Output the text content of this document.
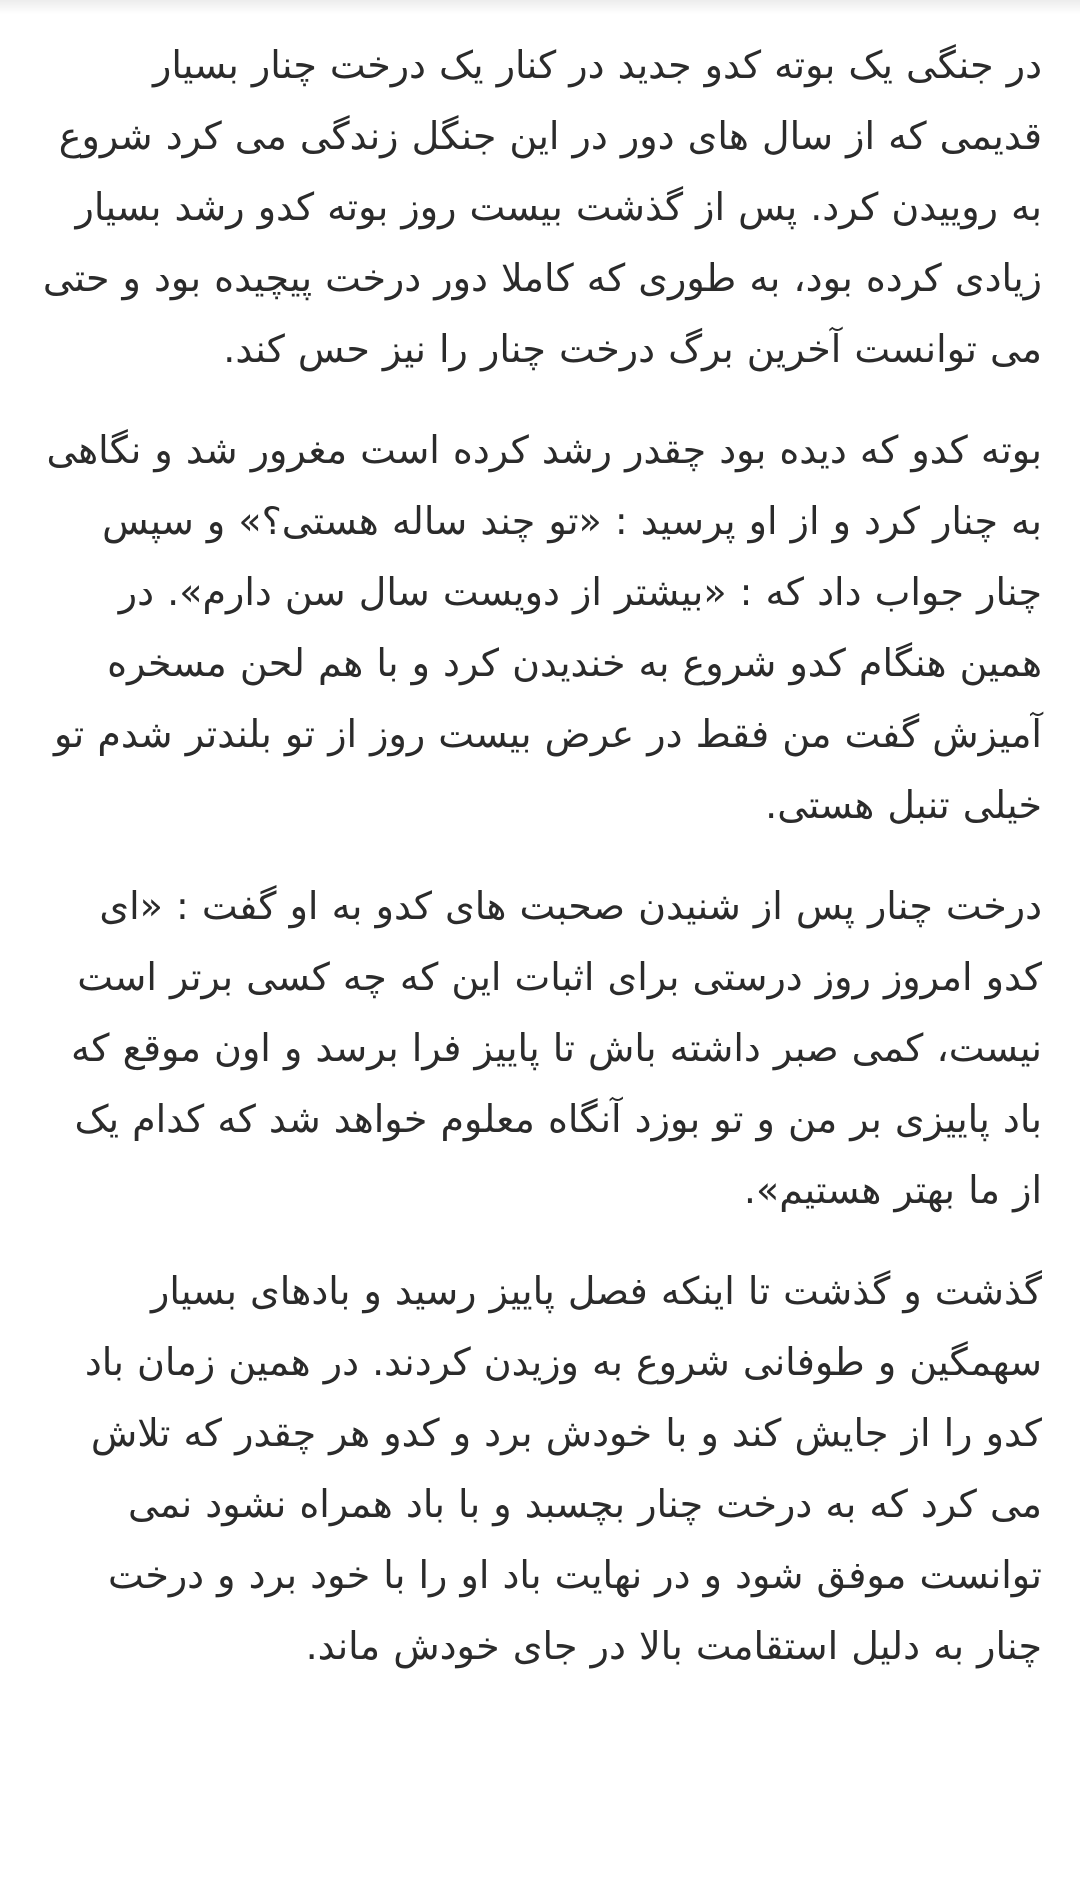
در جنگی یک بوته کدو جدید در کنار یک درخت چنار بسیار قدیمی که از سال های دور در این جنگل زندگی می کرد شروع به روییدن کرد. پس از گذشت بیست روز بوته کدو رشد بسیار زیادی کرده بود، به طوری که کاملا دور درخت پیچیده بود و حتی می توانست آخرین برگ درخت چنار را نیز حس کند.

بوته کدو که دیده بود چقدر رشد کرده است مغرور شد و نگاهی به چنار کرد و از او پرسید : «تو چند ساله هستی؟» و سپس چنار جواب داد که : «بیشتر از دویست سال سن دارم». در همین هنگام کدو شروع به خندیدن کرد و با هم لحن مسخره آمیزش گفت من فقط در عرض بیست روز از تو بلندتر شدم تو خیلی تنبل هستی.

درخت چنار پس از شنیدن صحبت های کدو به او گفت : «ای کدو امروز روز درستی برای اثبات این که چه کسی برتر است نیست، کمی صبر داشته باش تا پاییز فرا برسد و اون موقع که باد پاییزی بر من و تو بوزد آنگاه معلوم خواهد شد که کدام یک از ما بهتر هستیم».

گذشت و گذشت تا اینکه فصل پاییز رسید و بادهای بسیار سهمگین و طوفانی شروع به وزیدن کردند. در همین زمان باد کدو را از جایش کند و با خودش برد و کدو هر چقدر که تلاش می کرد که به درخت چنار بچسبد و با باد همراه نشود نمی توانست موفق شود و در نهایت باد او را با خود برد و درخت چنار به دلیل استقامت بالا در جای خودش ماند.
